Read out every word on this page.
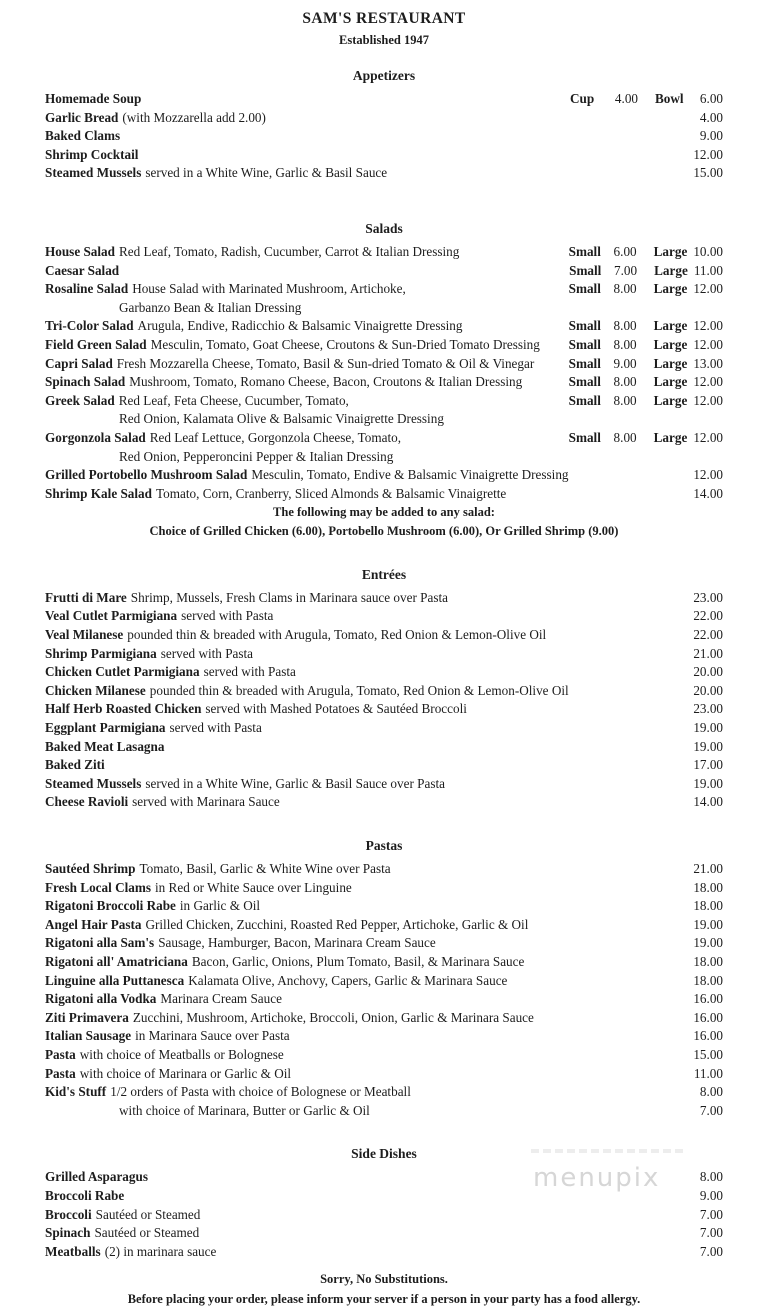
SAM'S RESTAURANT
Established 1947
Appetizers
Homemade Soup	Cup 4.00 Bowl 6.00
Garlic Bread (with Mozzarella add 2.00)	4.00
Baked Clams	9.00
Shrimp Cocktail	12.00
Steamed Mussels served in a White Wine, Garlic & Basil Sauce	15.00
Salads
House Salad Red Leaf, Tomato, Radish, Cucumber, Carrot & Italian Dressing	Small 6.00 Large 10.00
Caesar Salad	Small 7.00 Large 11.00
Rosaline Salad House Salad with Marinated Mushroom, Artichoke,	Small 8.00 Large 12.00
Garbanzo Bean & Italian Dressing
Tri-Color Salad Arugula, Endive, Radicchio & Balsamic Vinaigrette Dressing	Small 8.00 Large 12.00
Field Green Salad Mesculin, Tomato, Goat Cheese, Croutons & Sun-Dried Tomato Dressing	Small 8.00 Large 12.00
Capri Salad Fresh Mozzarella Cheese, Tomato, Basil & Sun-dried Tomato & Oil & Vinegar	Small 9.00 Large 13.00
Spinach Salad Mushroom, Tomato, Romano Cheese, Bacon, Croutons & Italian Dressing	Small 8.00 Large 12.00
Greek Salad Red Leaf, Feta Cheese, Cucumber, Tomato,	Small 8.00 Large 12.00
Red Onion, Kalamata Olive & Balsamic Vinaigrette Dressing
Gorgonzola Salad Red Leaf Lettuce, Gorgonzola Cheese, Tomato,	Small 8.00 Large 12.00
Red Onion, Pepperoncini Pepper & Italian Dressing
Grilled Portobello Mushroom Salad Mesculin, Tomato, Endive & Balsamic Vinaigrette Dressing	12.00
Shrimp Kale Salad Tomato, Corn, Cranberry, Sliced Almonds & Balsamic Vinaigrette	14.00
The following may be added to any salad:
Choice of Grilled Chicken (6.00), Portobello Mushroom (6.00), Or Grilled Shrimp (9.00)
Entrées
Frutti di Mare Shrimp, Mussels, Fresh Clams in Marinara sauce over Pasta	23.00
Veal Cutlet Parmigiana served with Pasta	22.00
Veal Milanese pounded thin & breaded with Arugula, Tomato, Red Onion & Lemon-Olive Oil	22.00
Shrimp Parmigiana served with Pasta	21.00
Chicken Cutlet Parmigiana served with Pasta	20.00
Chicken Milanese pounded thin & breaded with Arugula, Tomato, Red Onion & Lemon-Olive Oil	20.00
Half Herb Roasted Chicken served with Mashed Potatoes & Sautéed Broccoli	23.00
Eggplant Parmigiana served with Pasta	19.00
Baked Meat Lasagna	19.00
Baked Ziti	17.00
Steamed Mussels served in a White Wine, Garlic & Basil Sauce over Pasta	19.00
Cheese Ravioli served with Marinara Sauce	14.00
Pastas
Sautéed Shrimp Tomato, Basil, Garlic & White Wine over Pasta	21.00
Fresh Local Clams in Red or White Sauce over Linguine	18.00
Rigatoni Broccoli Rabe in Garlic & Oil	18.00
Angel Hair Pasta Grilled Chicken, Zucchini, Roasted Red Pepper, Artichoke, Garlic & Oil	19.00
Rigatoni alla Sam's Sausage, Hamburger, Bacon, Marinara Cream Sauce	19.00
Rigatoni all' Amatriciana Bacon, Garlic, Onions, Plum Tomato, Basil, & Marinara Sauce	18.00
Linguine alla Puttanesca Kalamata Olive, Anchovy, Capers, Garlic & Marinara Sauce	18.00
Rigatoni alla Vodka Marinara Cream Sauce	16.00
Ziti Primavera Zucchini, Mushroom, Artichoke, Broccoli, Onion, Garlic & Marinara Sauce	16.00
Italian Sausage in Marinara Sauce over Pasta	16.00
Pasta with choice of Meatballs or Bolognese	15.00
Pasta with choice of Marinara or Garlic & Oil	11.00
Kid's Stuff 1/2 orders of Pasta with choice of Bolognese or Meatball	8.00
with choice of Marinara, Butter or Garlic & Oil	7.00
Side Dishes
Grilled Asparagus	8.00
Broccoli Rabe	9.00
Broccoli Sautéed or Steamed	7.00
Spinach Sautéed or Steamed	7.00
Meatballs (2) in marinara sauce	7.00
Sorry, No Substitutions.
Before placing your order, please inform your server if a person in your party has a food allergy.
menupix
